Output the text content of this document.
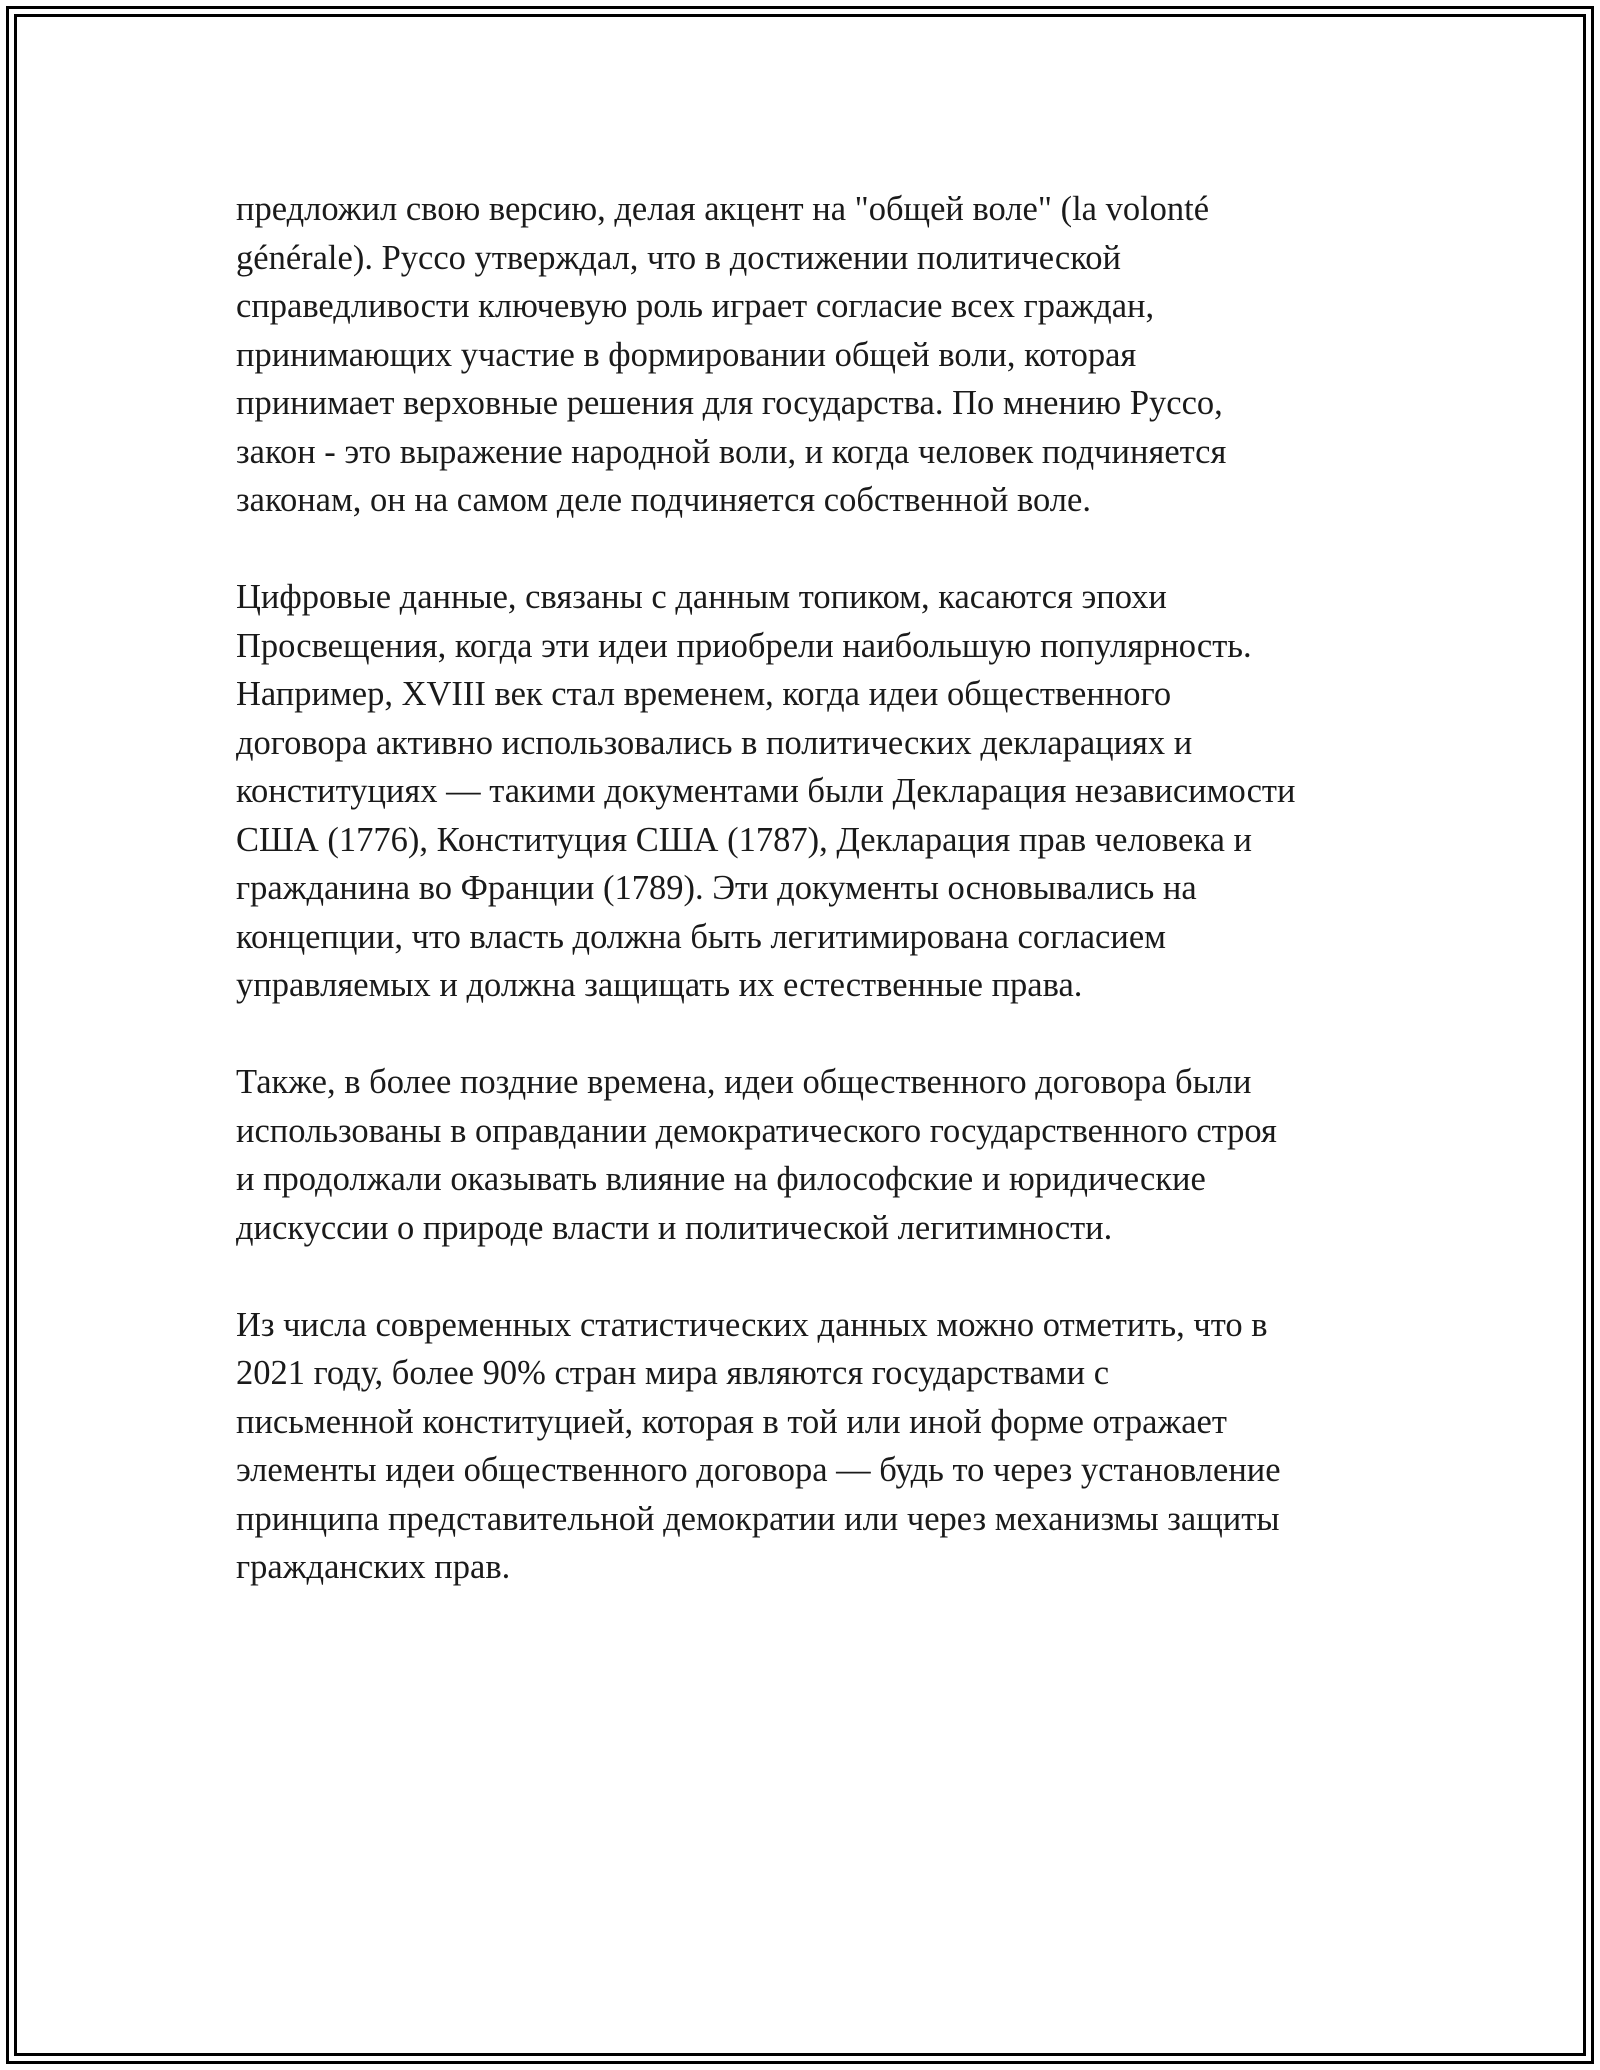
предложил свою версию, делая акцент на "общей воле" (la volonté
générale). Руссо утверждал, что в достижении политической
справедливости ключевую роль играет согласие всех граждан,
принимающих участие в формировании общей воли, которая
принимает верховные решения для государства. По мнению Руссо,
закон - это выражение народной воли, и когда человек подчиняется
законам, он на самом деле подчиняется собственной воле.

Цифровые данные, связаны с данным топиком, касаются эпохи
Просвещения, когда эти идеи приобрели наибольшую популярность.
Например, XVIII век стал временем, когда идеи общественного
договора активно использовались в политических декларациях и
конституциях — такими документами были Декларация независимости
США (1776), Конституция США (1787), Декларация прав человека и
гражданина во Франции (1789). Эти документы основывались на
концепции, что власть должна быть легитимирована согласием
управляемых и должна защищать их естественные права.

Также, в более поздние времена, идеи общественного договора были
использованы в оправдании демократического государственного строя
и продолжали оказывать влияние на философские и юридические
дискуссии о природе власти и политической легитимности.

Из числа современных статистических данных можно отметить, что в
2021 году, более 90% стран мира являются государствами с
письменной конституцией, которая в той или иной форме отражает
элементы идеи общественного договора — будь то через установление
принципа представительной демократии или через механизмы защиты
гражданских прав.
